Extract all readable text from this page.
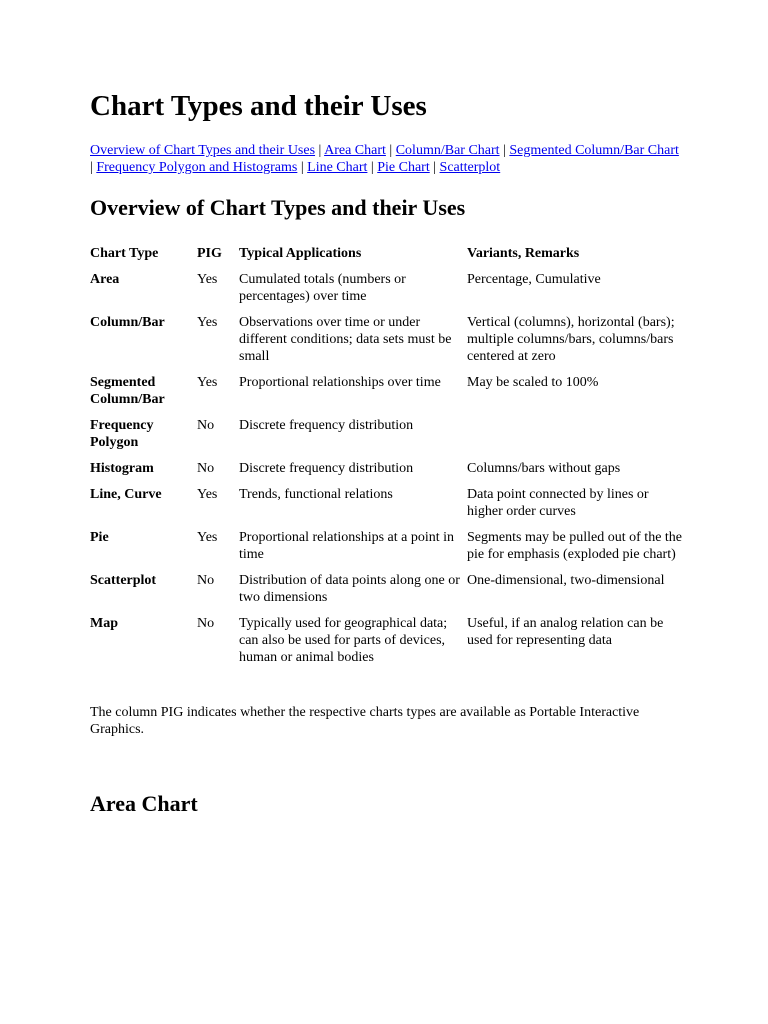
Chart Types and their Uses
Overview of Chart Types and their Uses | Area Chart | Column/Bar Chart | Segmented Column/Bar Chart | Frequency Polygon and Histograms | Line Chart | Pie Chart | Scatterplot
Overview of Chart Types and their Uses
Chart Type	PIG	Typical Applications	Variants, Remarks
Area	Yes	Cumulated totals (numbers or percentages) over time	Percentage, Cumulative
Column/Bar	Yes	Observations over time or under different conditions; data sets must be small	Vertical (columns), horizontal (bars); multiple columns/bars, columns/bars centered at zero
Segmented Column/Bar	Yes	Proportional relationships over time	May be scaled to 100%
Frequency Polygon	No	Discrete frequency distribution	
Histogram	No	Discrete frequency distribution	Columns/bars without gaps
Line, Curve	Yes	Trends, functional relations	Data point connected by lines or higher order curves
Pie	Yes	Proportional relationships at a point in time	Segments may be pulled out of the the pie for emphasis (exploded pie chart)
Scatterplot	No	Distribution of data points along one or two dimensions	One-dimensional, two-dimensional
Map	No	Typically used for geographical data; can also be used for parts of devices, human or animal bodies	Useful, if an analog relation can be used for representing data

The column PIG indicates whether the respective charts types are available as Portable Interactive Graphics.

Area Chart
